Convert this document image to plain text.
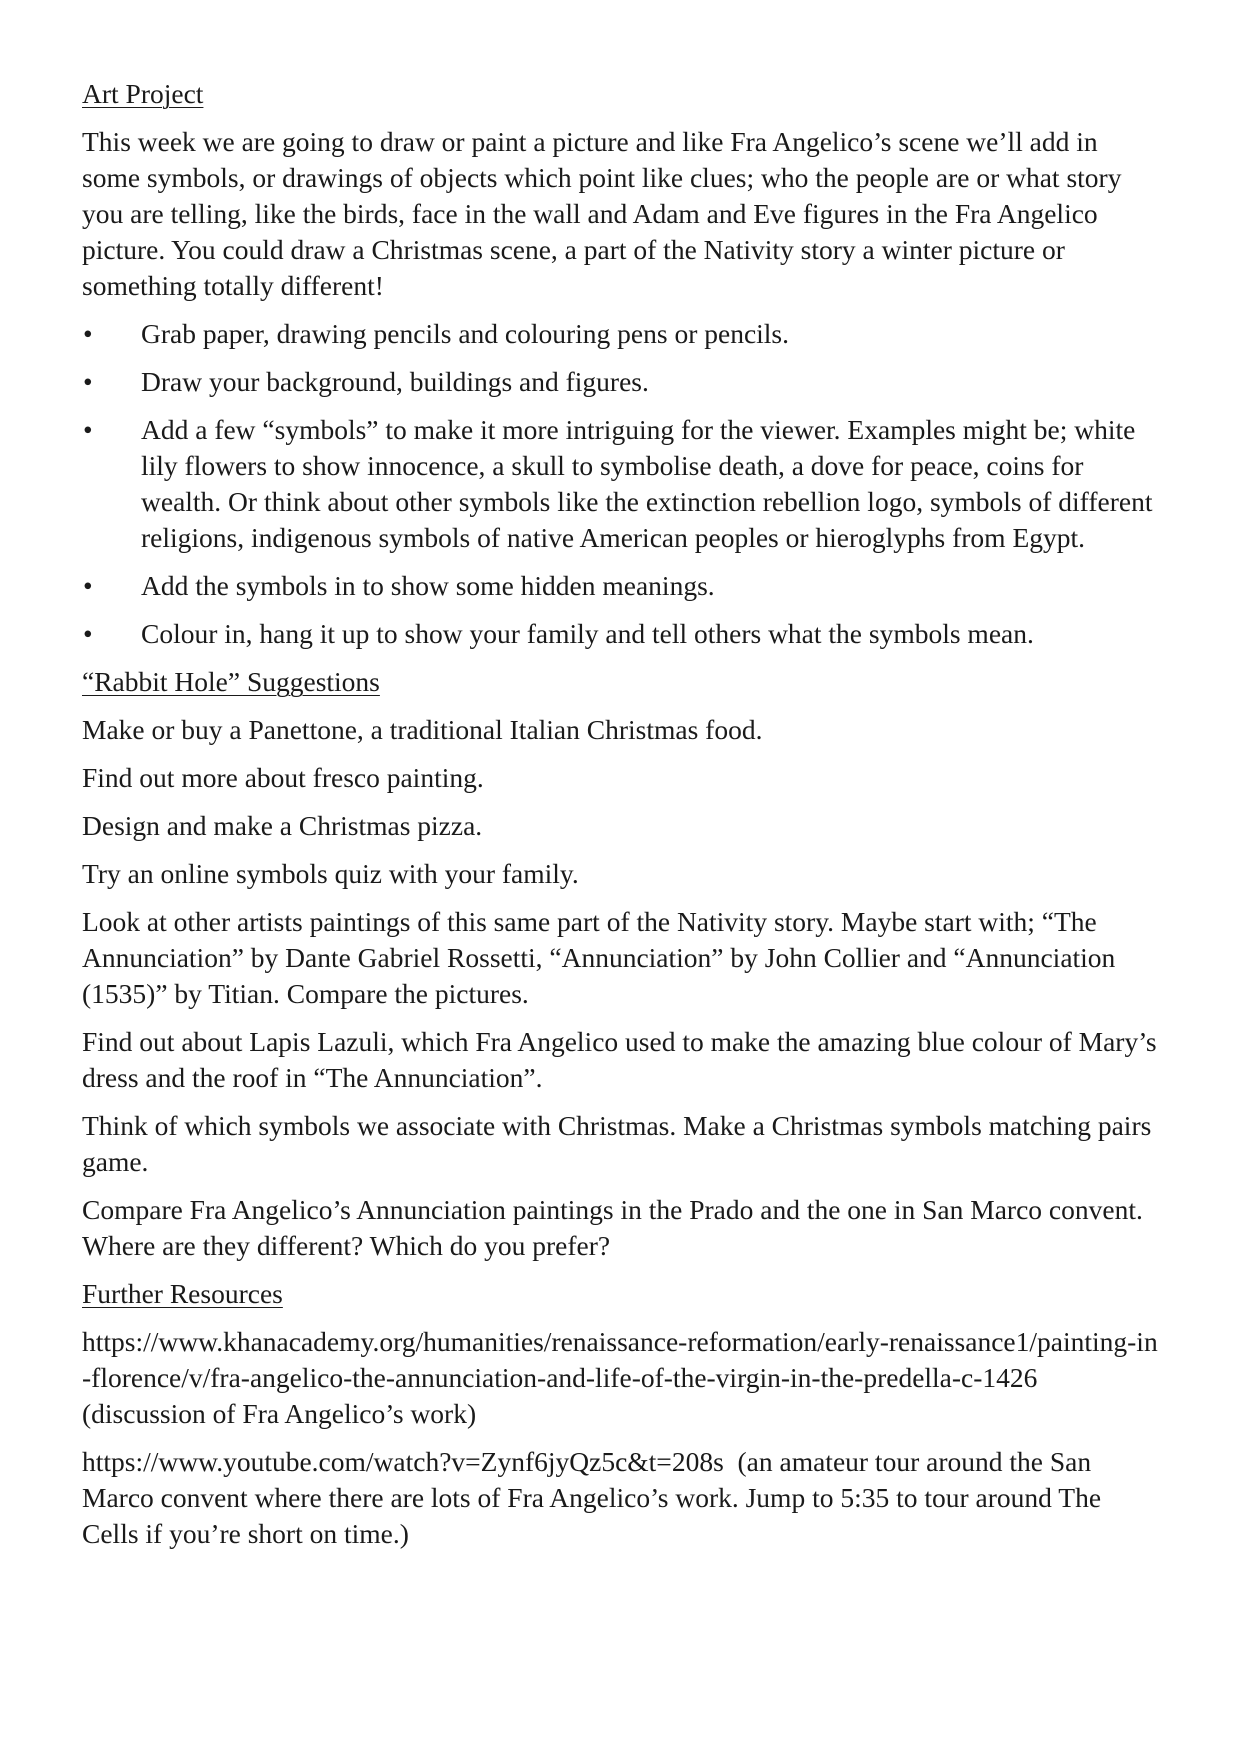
Art Project

This week we are going to draw or paint a picture and like Fra Angelico’s scene we’ll add in some symbols, or drawings of objects which point like clues; who the people are or what story you are telling, like the birds, face in the wall and Adam and Eve figures in the Fra Angelico picture. You could draw a Christmas scene, a part of the Nativity story a winter picture or something totally different!

•	Grab paper, drawing pencils and colouring pens or pencils.
•	Draw your background, buildings and figures.
•	Add a few “symbols” to make it more intriguing for the viewer. Examples might be; white lily flowers to show innocence, a skull to symbolise death, a dove for peace, coins for wealth. Or think about other symbols like the extinction rebellion logo, symbols of different religions, indigenous symbols of native American peoples or hieroglyphs from Egypt.
•	Add the symbols in to show some hidden meanings.
•	Colour in, hang it up to show your family and tell others what the symbols mean.
“Rabbit Hole” Suggestions

Make or buy a Panettone, a traditional Italian Christmas food.

Find out more about fresco painting.

Design and make a Christmas pizza.

Try an online symbols quiz with your family.

Look at other artists paintings of this same part of the Nativity story. Maybe start with; “The Annunciation” by Dante Gabriel Rossetti, “Annunciation” by John Collier and “Annunciation (1535)” by Titian. Compare the pictures.

Find out about Lapis Lazuli, which Fra Angelico used to make the amazing blue colour of Mary’s dress and the roof in “The Annunciation”.

Think of which symbols we associate with Christmas. Make a Christmas symbols matching pairs game.

Compare Fra Angelico’s Annunciation paintings in the Prado and the one in San Marco convent. Where are they different? Which do you prefer?

Further Resources

https://www.khanacademy.org/humanities/renaissance-reformation/early-renaissance1/painting-in-florence/v/fra-angelico-the-annunciation-and-life-of-the-virgin-in-the-predella-c-1426 (discussion of Fra Angelico’s work)

https://www.youtube.com/watch?v=Zynf6jyQz5c&t=208s  (an amateur tour around the San Marco convent where there are lots of Fra Angelico’s work. Jump to 5:35 to tour around The Cells if you’re short on time.)
